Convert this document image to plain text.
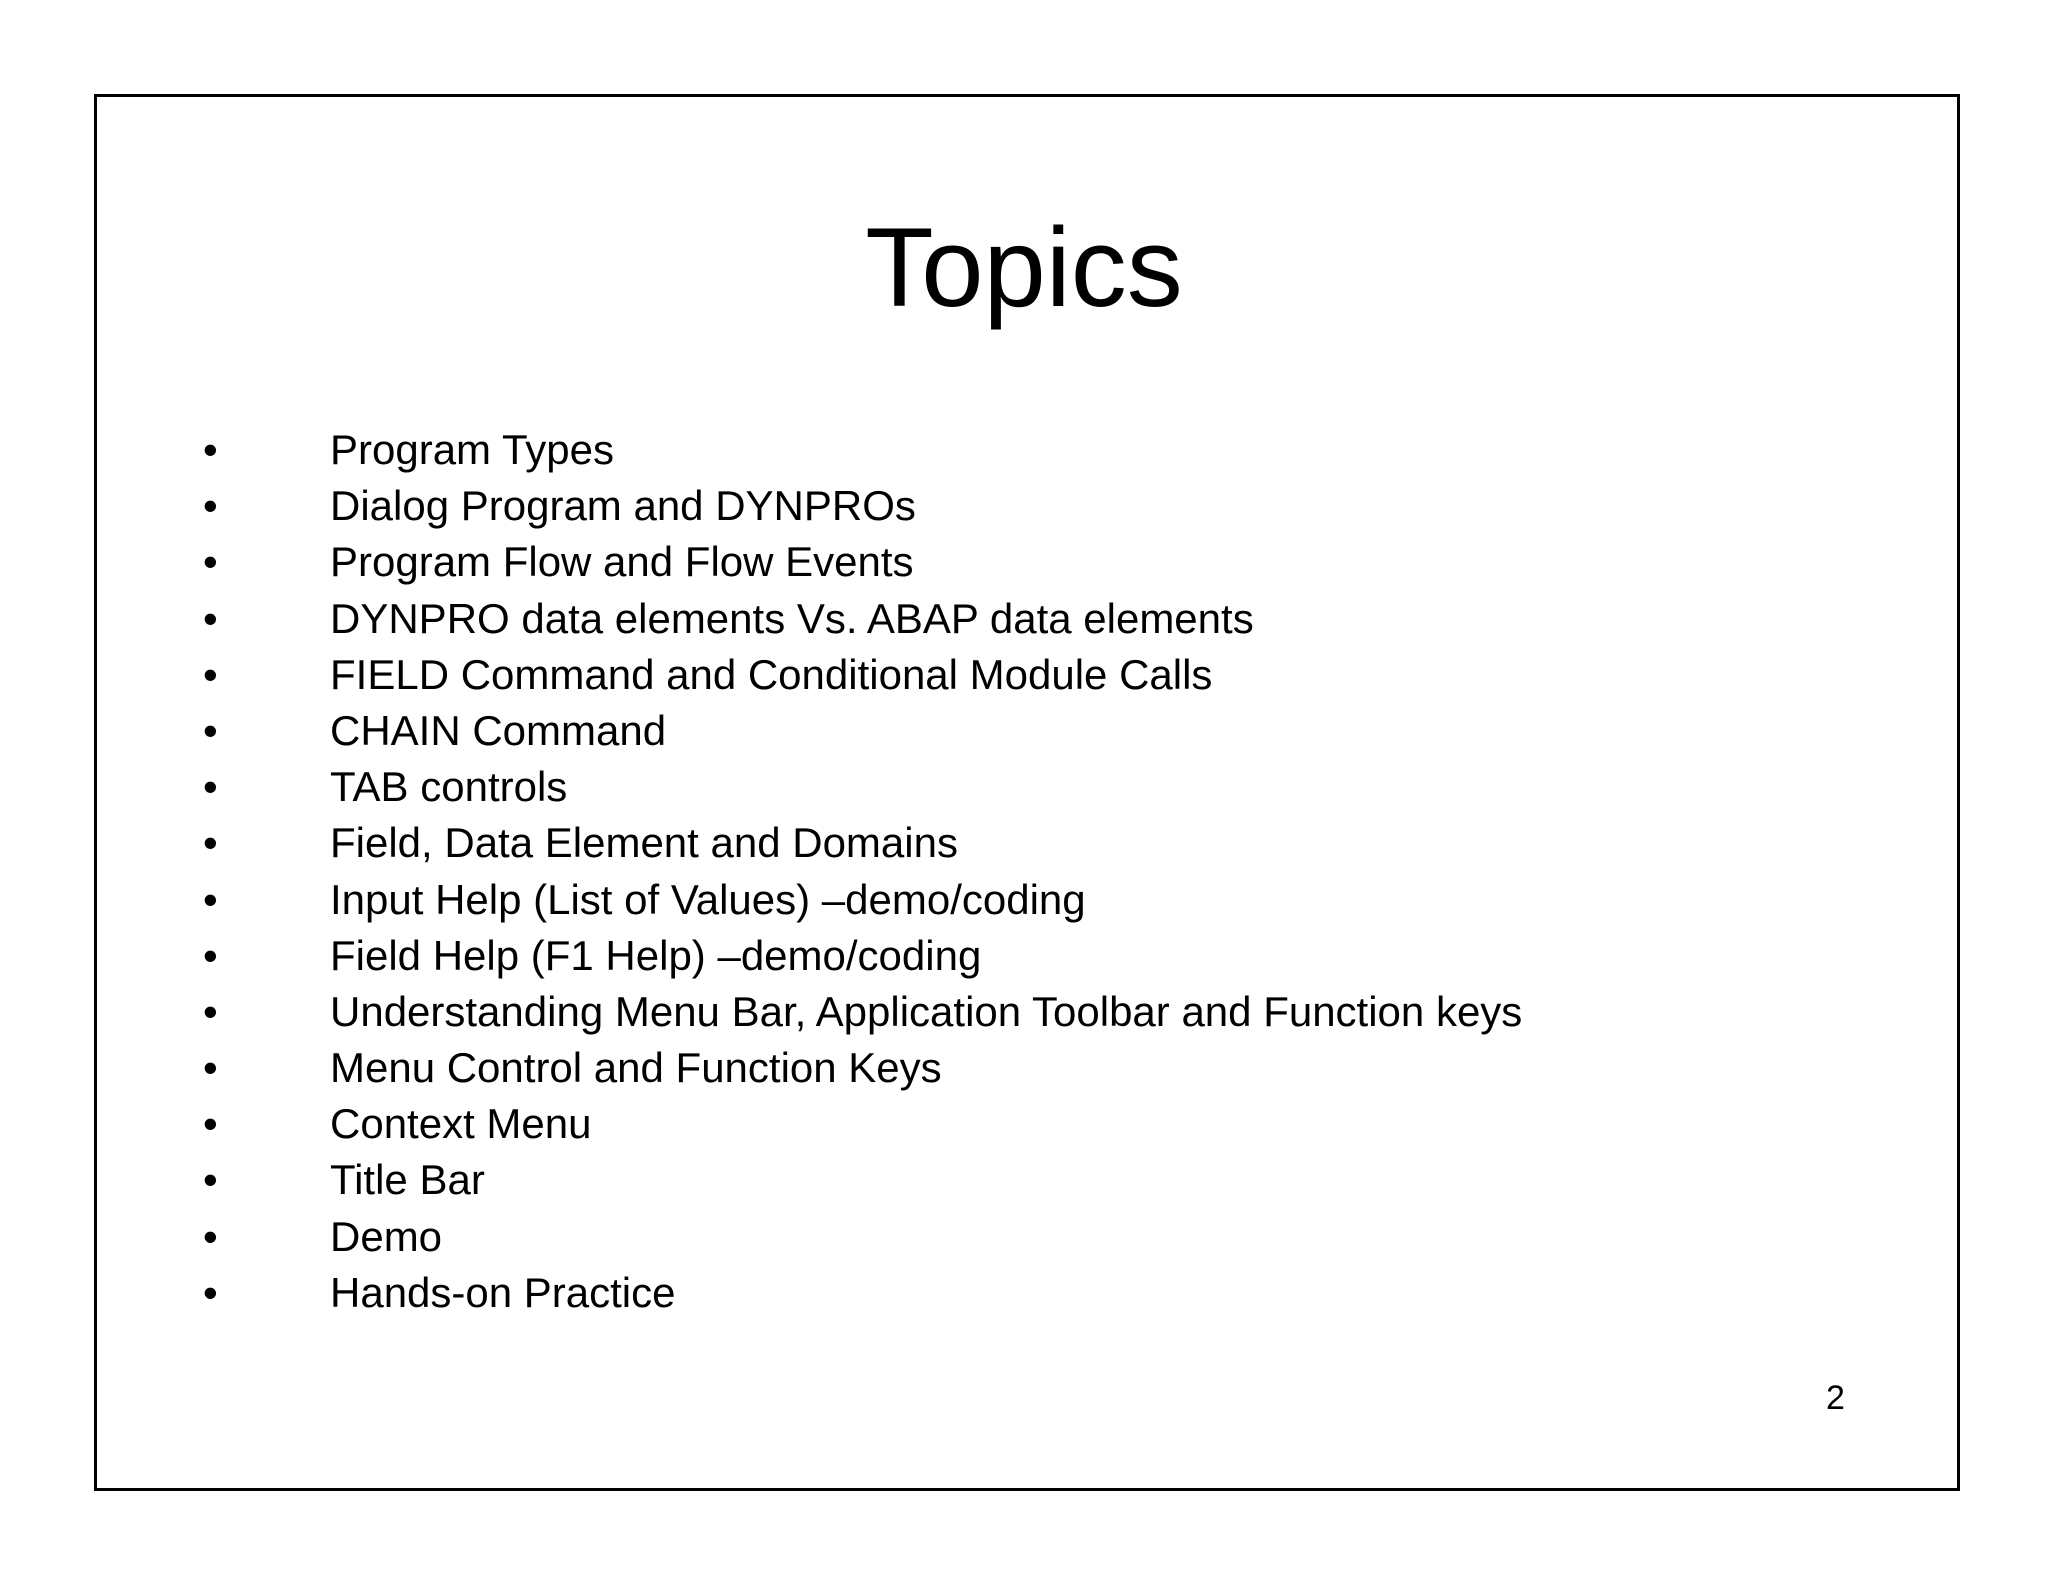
Topics
•	Program Types
•	Dialog Program and DYNPROs
•	Program Flow and Flow Events
•	DYNPRO data elements Vs. ABAP data elements
•	FIELD Command and Conditional Module Calls
•	CHAIN Command
•	TAB controls
•	Field, Data Element and Domains
•	Input Help (List of Values) –demo/coding
•	Field Help (F1 Help) –demo/coding
•	Understanding Menu Bar, Application Toolbar and Function keys
•	Menu Control and Function Keys
•	Context Menu
•	Title Bar
•	Demo
•	Hands-on Practice
2
